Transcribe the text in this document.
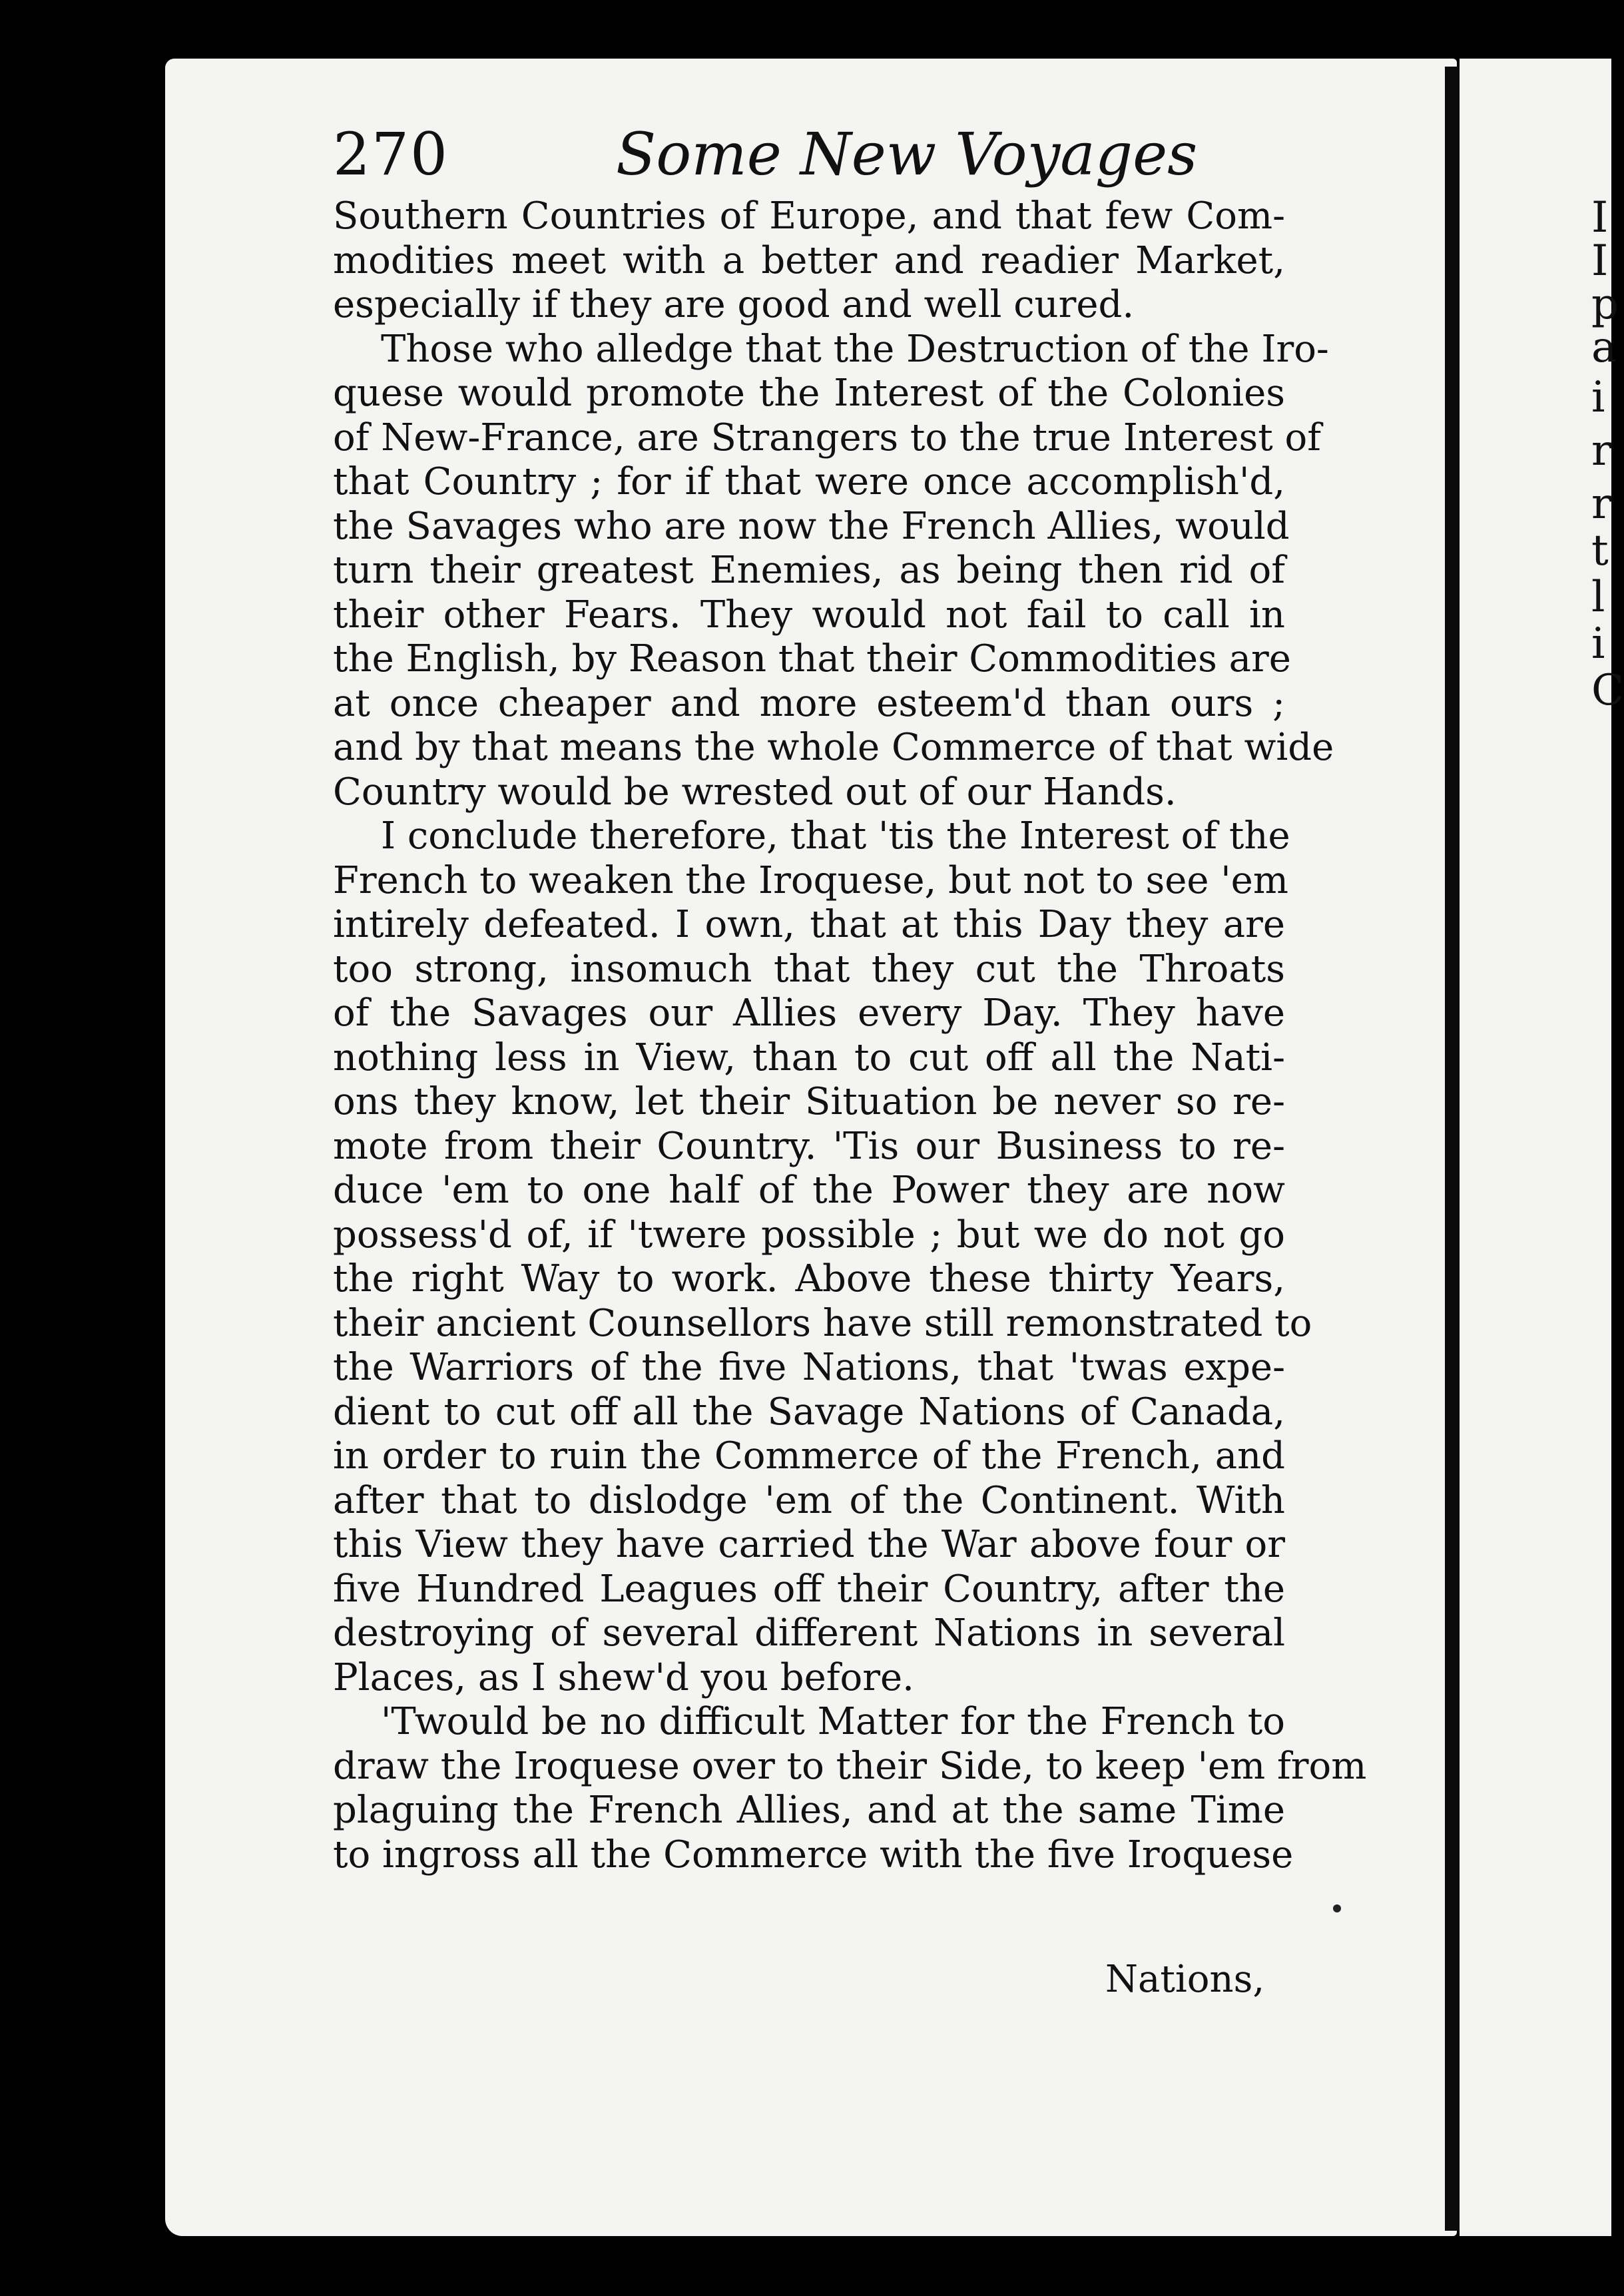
I
I
p
a
i
r
r
t
l
i
C
270	Some New Voyages
Southern Countries of Europe, and that few Com-
modities meet with a better and readier Market,
especially if they are good and well cured.
Those who alledge that the Destruction of the Iro-
quese would promote the Interest of the Colonies
of New-France, are Strangers to the true Interest of
that Country ; for if that were once accomplish'd,
the Savages who are now the French Allies, would
turn their greatest Enemies, as being then rid of
their other Fears. They would not fail to call in
the English, by Reason that their Commodities are
at once cheaper and more esteem'd than ours ;
and by that means the whole Commerce of that wide
Country would be wrested out of our Hands.
I conclude therefore, that 'tis the Interest of the
French to weaken the Iroquese, but not to see 'em
intirely defeated. I own, that at this Day they are
too strong, insomuch that they cut the Throats
of the Savages our Allies every Day. They have
nothing less in View, than to cut off all the Nati-
ons they know, let their Situation be never so re-
mote from their Country. 'Tis our Business to re-
duce 'em to one half of the Power they are now
possess'd of, if 'twere possible ; but we do not go
the right Way to work. Above these thirty Years,
their ancient Counsellors have still remonstrated to
the Warriors of the five Nations, that 'twas expe-
dient to cut off all the Savage Nations of Canada,
in order to ruin the Commerce of the French, and
after that to dislodge 'em of the Continent. With
this View they have carried the War above four or
five Hundred Leagues off their Country, after the
destroying of several different Nations in several
Places, as I shew'd you before.
'Twould be no difficult Matter for the French to
draw the Iroquese over to their Side, to keep 'em from
plaguing the French Allies, and at the same Time
to ingross all the Commerce with the five Iroquese
Nations,
